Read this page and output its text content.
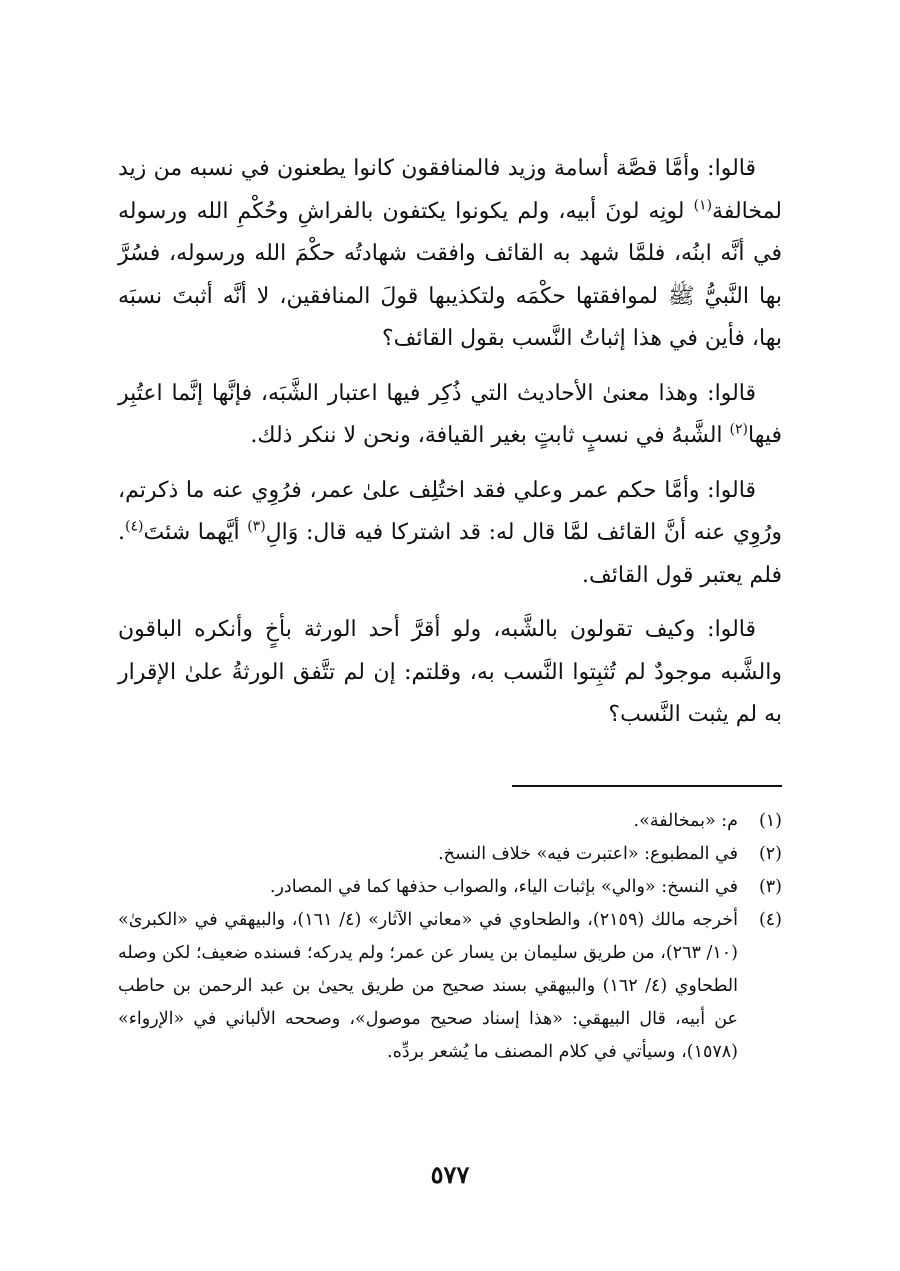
قالوا: وأمَّا قصَّة أسامة وزيد فالمنافقون كانوا يطعنون في نسبه من زيد لمخالفة$^{(١)}$ لونِه لونَ أبيه، ولم يكونوا يكتفون بالفراشِ وحُكْمِ الله ورسوله في أنَّه ابنُه، فلمَّا شهد به القائف وافقت شهادتُه حكْمَ الله ورسوله، فسُرَّ بها النَّبيُّ ﷺ لموافقتها حكْمَه ولتكذيبها قولَ المنافقين، لا أنَّه أثبتَ نسبَه بها، فأين في هذا إثباتُ النَّسب بقول القائف؟

قالوا: وهذا معنىٰ الأحاديث التي ذُكِر فيها اعتبار الشَّبَه، فإنَّها إنَّما اعتُبِر فيها$^{(٢)}$ الشَّبهُ في نسبٍ ثابتٍ بغير القيافة، ونحن لا ننكر ذلك.

قالوا: وأمَّا حكم عمر وعلي فقد اختُلِف علىٰ عمر، فرُوِي عنه ما ذكرتم، ورُوِي عنه أنَّ القائف لمَّا قال له: قد اشتركا فيه قال: وَالِ$^{(٣)}$ أيَّهما شئتَ$^{(٤)}$. فلم يعتبر قول القائف.

قالوا: وكيف تقولون بالشَّبه، ولو أقرَّ أحد الورثة بأخٍ وأنكره الباقون والشَّبه موجودٌ لم تُثبِتوا النَّسب به، وقلتم: إن لم تتَّفق الورثةُ علىٰ الإقرار به لم يثبت النَّسب؟

(١)
م: «بمخالفة».
(٢)
في المطبوع: «اعتبرت فيه» خلاف النسخ.
(٣)
في النسخ: «والي» بإثبات الياء، والصواب حذفها كما في المصادر.
(٤)
أخرجه مالك (٢١٥٩)، والطحاوي في «معاني الآثار» (٤/ ١٦١)، والبيهقي في «الكبرىٰ» (١٠/ ٢٦٣)، من طريق سليمان بن يسار عن عمر؛ ولم يدركه؛ فسنده ضعيف؛ لكن وصله الطحاوي (٤/ ١٦٢) والبيهقي بسند صحيح من طريق يحيىٰ بن عبد الرحمن بن حاطب عن أبيه، قال البيهقي: «هذا إسناد صحيح موصول»، وصححه الألباني في «الإرواء» (١٥٧٨)، وسيأتي في كلام المصنف ما يُشعر بردِّه.
٥٧٧
